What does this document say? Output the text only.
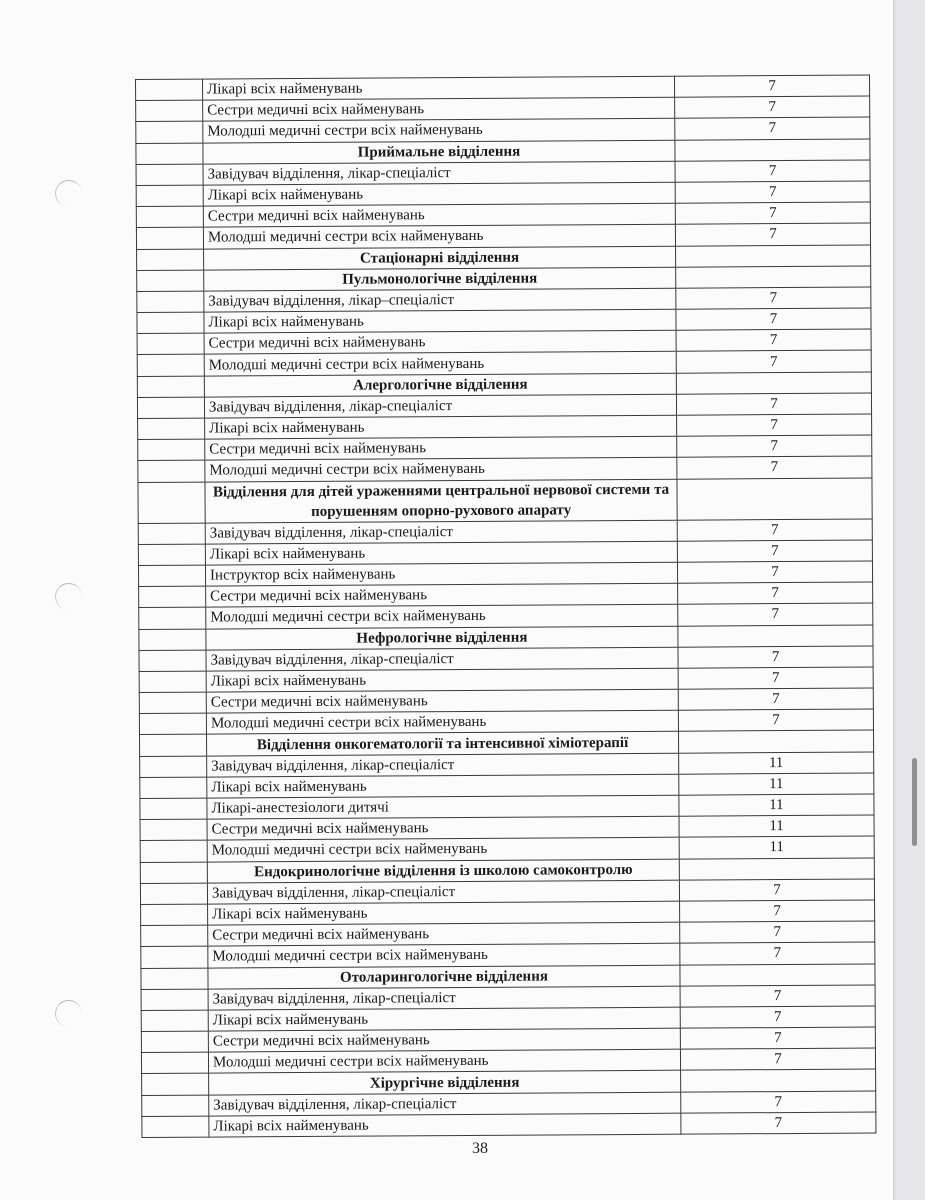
	Лікарі всіх найменувань	7
	Сестри медичні всіх найменувань	7
	Молодші медичні сестри всіх найменувань	7
	Приймальне відділення	
	Завідувач відділення, лікар-спеціаліст	7
	Лікарі всіх найменувань	7
	Сестри медичні всіх найменувань	7
	Молодші медичні сестри всіх найменувань	7
	Стаціонарні відділення	
	Пульмонологічне відділення	
	Завідувач відділення, лікар–спеціаліст	7
	Лікарі всіх найменувань	7
	Сестри медичні всіх найменувань	7
	Молодші медичні сестри всіх найменувань	7
	Алергологічне відділення	
	Завідувач відділення, лікар-спеціаліст	7
	Лікарі всіх найменувань	7
	Сестри медичні всіх найменувань	7
	Молодші медичні сестри всіх найменувань	7
	Відділення для дітей ураженнями центральної нервової системи та порушенням опорно-рухового апарату	
	Завідувач відділення, лікар-спеціаліст	7
	Лікарі всіх найменувань	7
	Інструктор всіх найменувань	7
	Сестри медичні всіх найменувань	7
	Молодші медичні сестри всіх найменувань	7
	Нефрологічне відділення	
	Завідувач відділення, лікар-спеціаліст	7
	Лікарі всіх найменувань	7
	Сестри медичні всіх найменувань	7
	Молодші медичні сестри всіх найменувань	7
	Відділення онкогематології та інтенсивної хіміотерапії	
	Завідувач відділення, лікар-спеціаліст	11
	Лікарі всіх найменувань	11
	Лікарі-анестезіологи дитячі	11
	Сестри медичні всіх найменувань	11
	Молодші медичні сестри всіх найменувань	11
	Ендокринологічне відділення із школою самоконтролю	
	Завідувач відділення, лікар-спеціаліст	7
	Лікарі всіх найменувань	7
	Сестри медичні всіх найменувань	7
	Молодші медичні сестри всіх найменувань	7
	Отоларингологічне відділення	
	Завідувач відділення, лікар-спеціаліст	7
	Лікарі всіх найменувань	7
	Сестри медичні всіх найменувань	7
	Молодші медичні сестри всіх найменувань	7
	Хірургічне відділення	
	Завідувач відділення, лікар-спеціаліст	7
	Лікарі всіх найменувань	7
38
